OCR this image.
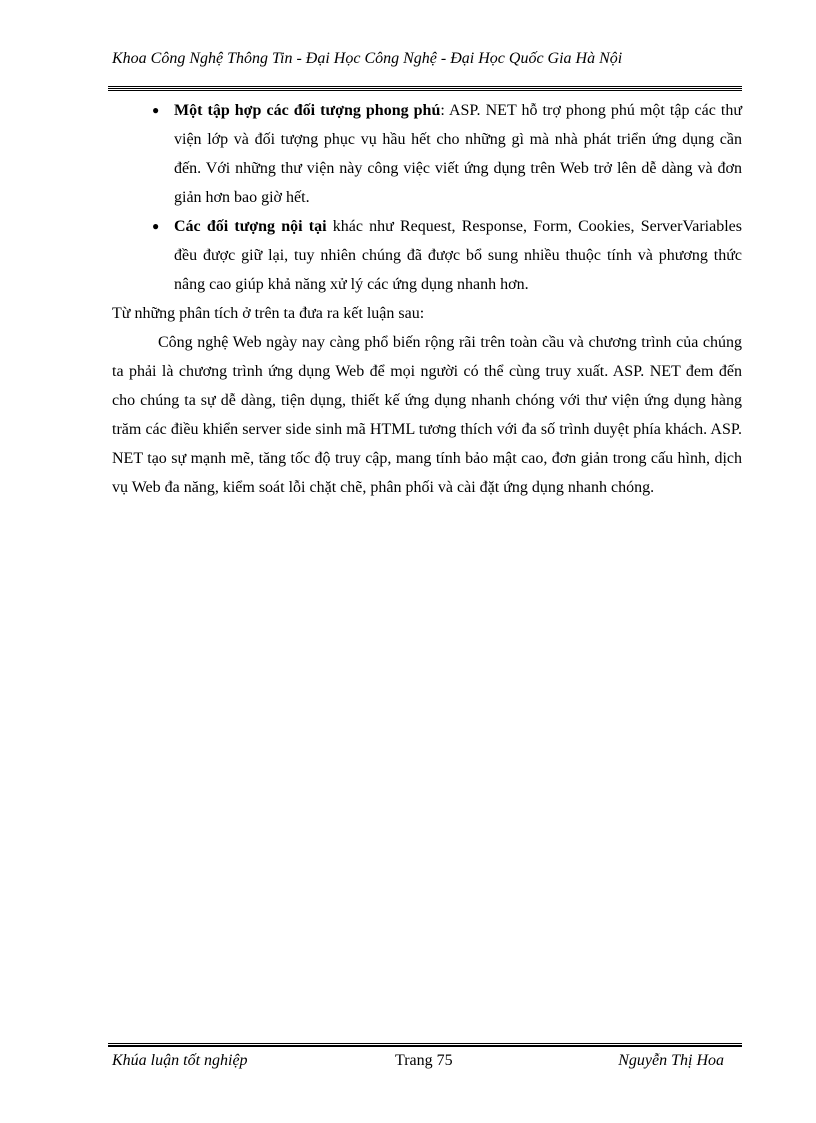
Khoa Công Nghệ Thông Tin - Đại Học Công Nghệ - Đại Học Quốc Gia Hà Nội
● Một tập hợp các đối tượng phong phú: ASP. NET hỗ trợ phong phú một tập các thư viện lớp và đối tượng phục vụ hầu hết cho những gì mà nhà phát triển ứng dụng cần đến. Với những thư viện này công việc viết ứng dụng trên Web trở lên dễ dàng và đơn giản hơn bao giờ hết.
● Các đối tượng nội tại khác như Request, Response, Form, Cookies, ServerVariables đều được giữ lại, tuy nhiên chúng đã được bổ sung nhiều thuộc tính và phương thức nâng cao giúp khả năng xử lý các ứng dụng nhanh hơn.

Từ những phân tích ở trên ta đưa ra kết luận sau:

Công nghệ Web ngày nay càng phổ biến rộng rãi trên toàn cầu và chương trình của chúng ta phải là chương trình ứng dụng Web để mọi người có thể cùng truy xuất. ASP. NET đem đến cho chúng ta sự dễ dàng, tiện dụng, thiết kế ứng dụng nhanh chóng với thư viện ứng dụng hàng trăm các điều khiển server side sinh mã HTML tương thích với đa số trình duyệt phía khách. ASP. NET tạo sự mạnh mẽ, tăng tốc độ truy cập, mang tính bảo mật cao, đơn giản trong cấu hình, dịch vụ Web đa năng, kiểm soát lỗi chặt chẽ, phân phối và cài đặt ứng dụng nhanh chóng.

Khúa luận tốt nghiệp	Trang 75	Nguyễn Thị Hoa
